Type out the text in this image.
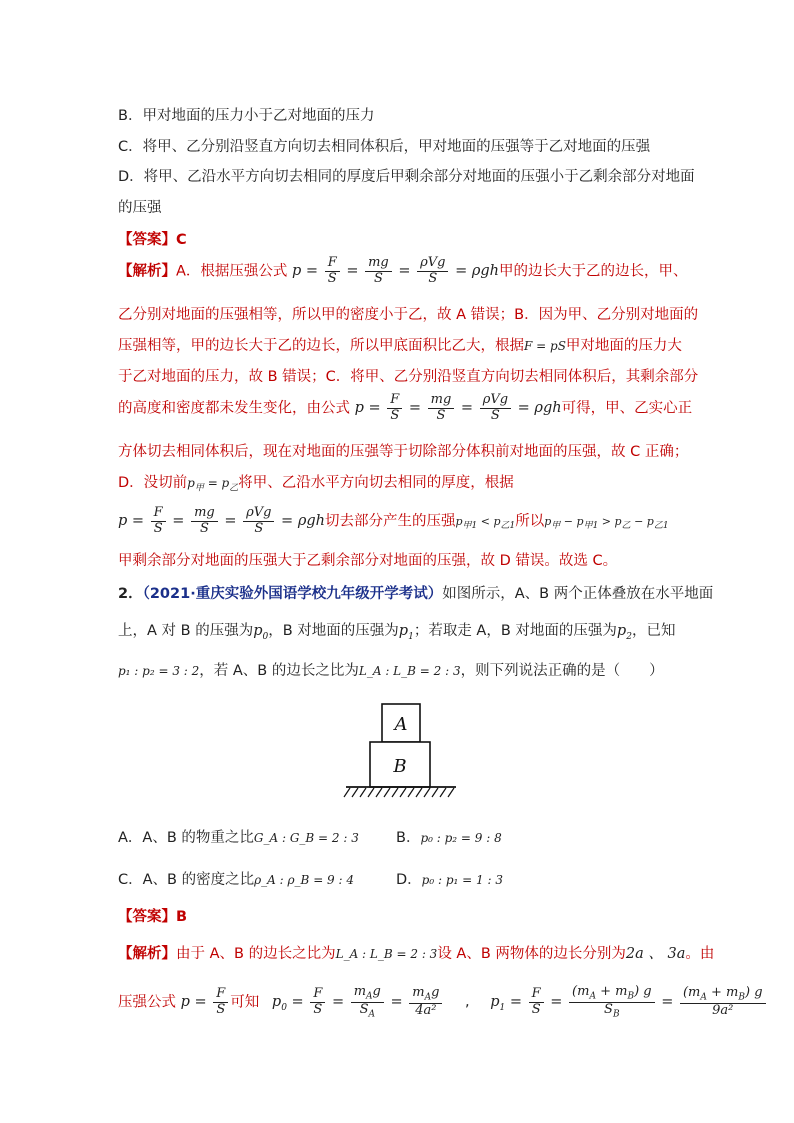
B．甲对地面的压力小于乙对地面的压力
C．将甲、乙分别沿竖直方向切去相同体积后，甲对地面的压强等于乙对地面的压强
D．将甲、乙沿水平方向切去相同的厚度后甲剩余部分对地面的压强小于乙剩余部分对地面
的压强
【答案】C
【解析】A．根据压强公式 $p = \frac{F}{S} = \frac{mg}{S} = \frac{\text{ρVg}}{S} = \rho gh$甲的边长大于乙的边长，甲、
乙分别对地面的压强相等，所以甲的密度小于乙，故 A 错误；B．因为甲、乙分别对地面的
压强相等，甲的边长大于乙的边长，所以甲底面积比乙大，根据F = pS甲对地面的压力大
于乙对地面的压力，故 B 错误；C．将甲、乙分别沿竖直方向切去相同体积后，其剩余部分
的高度和密度都未发生变化，由公式 $p = \frac{F}{S} = \frac{mg}{S} = \frac{\text{ρVg}}{S} = \rho gh$可得，甲、乙实心正
方体切去相同体积后，现在对地面的压强等于切除部分体积前对地面的压强，故 C 正确；
D．没切前$p_甲 = p_乙$将甲、乙沿水平方向切去相同的厚度，根据
$p = \frac{F}{S} = \frac{mg}{S} = \frac{\text{ρVg}}{S} = \rho gh$切去部分产生的压强$p_{甲1} < p_{乙1}$所以$p_甲 - p_{甲1} > p_乙 - p_{乙1}$
甲剩余部分对地面的压强大于乙剩余部分对地面的压强，故 D 错误。故选 C。
2．（2021·重庆实验外国语学校九年级开学考试）如图所示，A、B 两个正体叠放在水平地面
上，A 对 B 的压强为$p_0$，B 对地面的压强为$p_1$；若取走 A，B 对地面的压强为$p_2$，已知
p₁ : p₂ = 3 : 2，若 A、B 的边长之比为L_A : L_B = 2 : 3，则下列说法正确的是（　　）
A
B
A．A、B 的物重之比G_A : G_B = 2 : 3	B．p₀ : p₂ = 9 : 8
C．A、B 的密度之比ρ_A : ρ_B = 9 : 4	D．p₀ : p₁ = 1 : 3
【答案】B
【解析】由于 A、B 的边长之比为L_A : L_B = 2 : 3设 A、B 两物体的边长分别为2a 、 3a。由
压强公式 $p = \frac{F}{S}$ 可知 $p_0 = \frac{F}{S} = \frac{m_Ag}{S_A} = \frac{m_Ag}{\text{4a²}}$ , $p_1 = \frac{F}{S} = \frac{(m_A + m_B) g}{S_B} = \frac{(m_A + m_B) g}{\text{9a²}}$
